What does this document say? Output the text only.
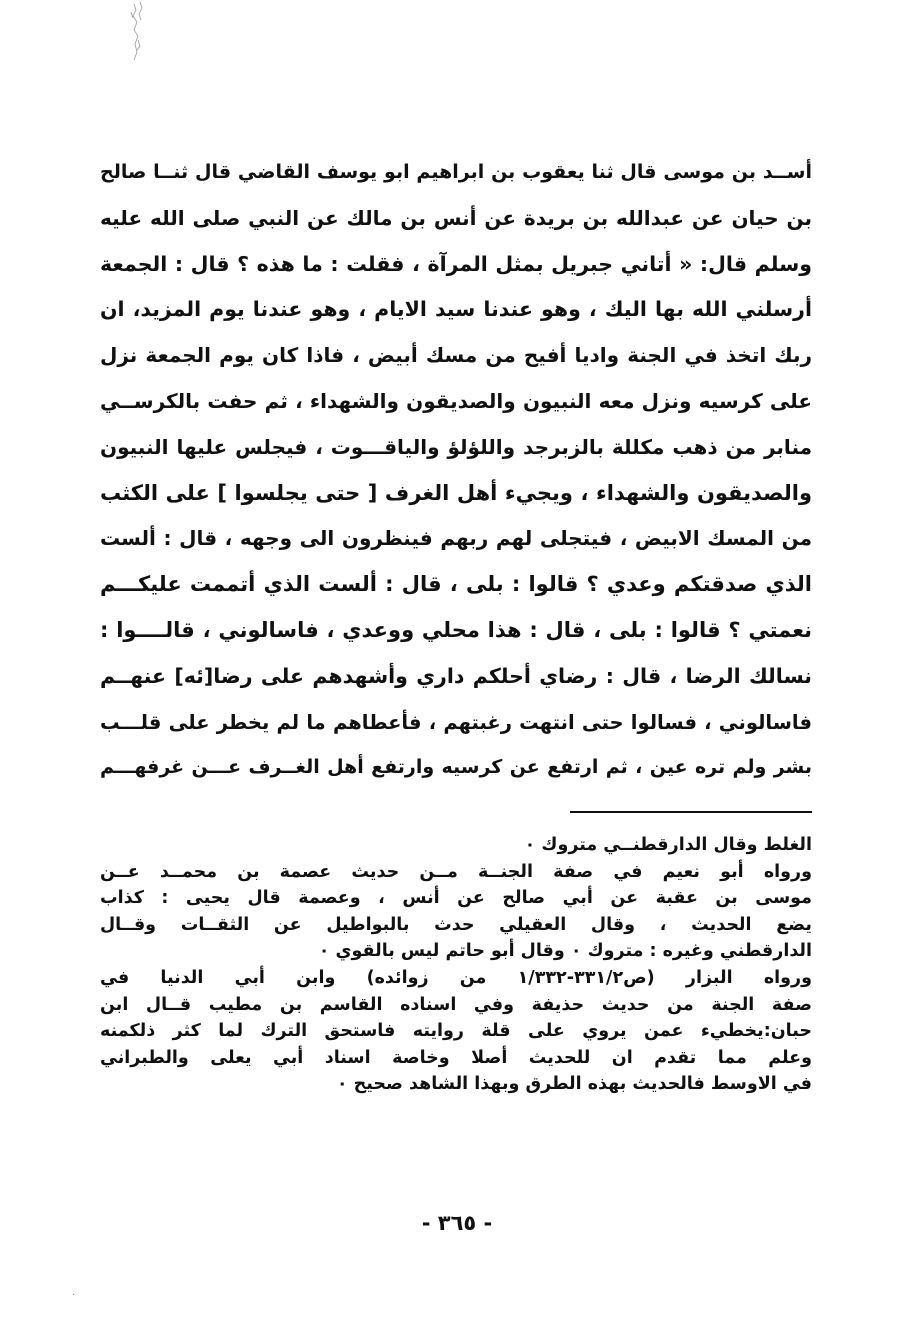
أســد بن موسى قال ثنا يعقوب بن ابراهيم ابو يوسف القاضي قال ثنــا صالح
بن حيان عن عبدالله بن بريدة عن أنس بن مالك عن النبي صلى الله عليه
وسلم قال: « أتاني جبريل بمثل المرآة ، فقلت : ما هذه ؟ قال : الجمعة
أرسلني الله بها اليك ، وهو عندنا سيد الايام ، وهو عندنا يوم المزيد، ان
ربك اتخذ في الجنة واديا أفيح من مسك أبيض ، فاذا كان يوم الجمعة نزل
على كرسيه ونزل معه النبيون والصديقون والشهداء ، ثم حفت بالكرســي
منابر من ذهب مكللة بالزبرجد واللؤلؤ والياقـــوت ، فيجلس عليها النبيون
والصديقون والشهداء ، ويجيء أهل الغرف [ حتى يجلسوا ] على الكثب
من المسك الابيض ، فيتجلى لهم ربهم فينظرون الى وجهه ، قال : ألست
الذي صدقتكم وعدي ؟ قالوا : بلى ، قال : ألست الذي أتممت عليكـــم
نعمتي ؟ قالوا : بلى ، قال : هذا محلي ووعدي ، فاسالوني ، قالــــوا :
نسالك الرضا ، قال : رضاي أحلكم داري وأشهدهم على رضا[ئه] عنهــم
فاسالوني ، فسالوا حتى انتهت رغبتهم ، فأعطاهم ما لم يخطر على قلـــب
بشر ولم تره عين ، ثم ارتفع عن كرسيه وارتفع أهل الغــرف عـــن غرفهـــم
الغلط وقال الدارقطنــي متروك ٠
ورواه أبو نعيم في صفة الجنــة مــن حديث عصمة بن محمــد عــن
موسى بن عقبة عن أبي صالح عن أنس ، وعصمة قال يحيى : كذاب
يضع الحديث ، وقال العقيلي حدث بالبواطيل عن الثقــات وقــال
الدارقطني وغيره : متروك ٠ وقال أبو حاتم ليس بالقوي ٠
ورواه البزار (ص٣٣١/٢-١/٣٣٢ من زوائده) وابن أبي الدنيا في
صفة الجنة من حديث حذيفة وفي اسناده القاسم بن مطيب قــال ابن
حبان:يخطيء عمن يروي على قلة روايته فاستحق الترك لما كثر ذلكمنه
وعلم مما تقدم ان للحديث أصلا وخاصة اسناد أبي يعلى والطبراني
في الاوسط فالحديث بهذه الطرق وبهذا الشاهد صحيح ٠
- ٣٦٥ -
·
